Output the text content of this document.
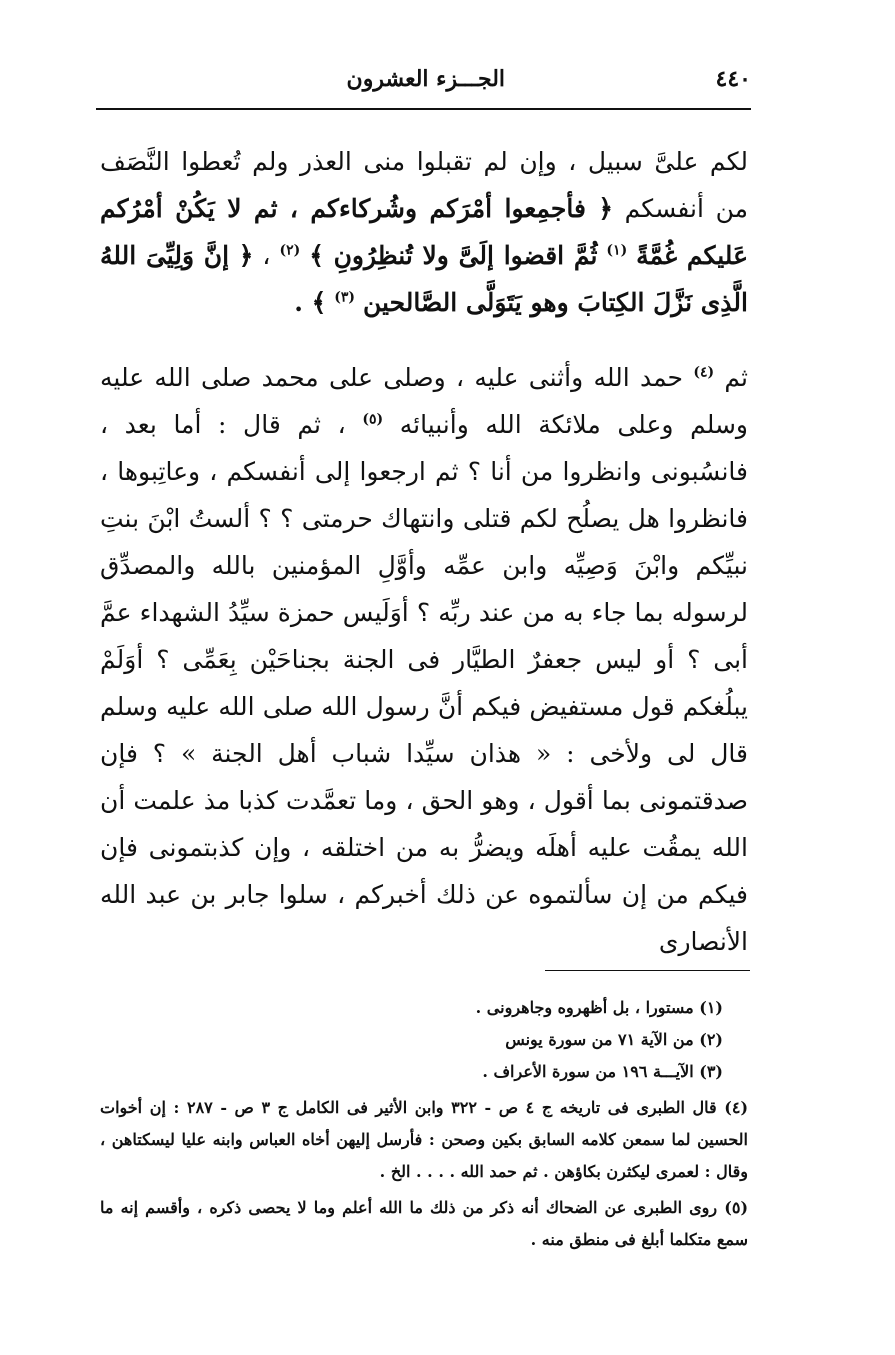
٤٤٠
الجـــزء العشرون

لكم علىَّ سبيل ، وإن لم تقبلوا منى العذر ولم تُعطوا النَّصَف من أنفسكم ﴿ فأجمِعوا أمْرَكم وشُركاءكم ، ثم لا يَكُنْ أمْرُكم عَليكم غُمَّةً $^{(١)}$ ثُمَّ اقضوا إلَىَّ ولا تُنظِرُونِ ﴾ $^{(٢)}$ ، ﴿ إنَّ وَلِيِّىَ اللهُ الَّذِى نَزَّلَ الكِتابَ وهو يَتَوَلَّى الصَّالحين $^{(٣)}$ ﴾ .

ثم $^{(٤)}$ حمد الله وأثنى عليه ، وصلى على محمد صلى الله عليه وسلم وعلى ملائكة الله وأنبيائه $^{(٥)}$ ، ثم قال : أما بعد ، فانسُبونى وانظروا من أنا ؟ ثم ارجعوا إلى أنفسكم ، وعاتِبوها ، فانظروا هل يصلُح لكم قتلى وانتهاك حرمتى ؟ ؟ ألستُ ابْنَ بنتِ نبيِّكم وابْنَ وَصِيِّه وابن عمِّه وأوَّلِ المؤمنين بالله والمصدِّق لرسوله بما جاء به من عند ربِّه ؟ أوَلَيس حمزة سيِّدُ الشهداء عمَّ أبى ؟ أو ليس جعفرٌ الطيَّار فى الجنة بجناحَيْن بِعَمِّى ؟ أوَلَمْ يبلُغكم قول مستفيض فيكم أنَّ رسول الله صلى الله عليه وسلم قال لى ولأخى : « هذان سيِّدا شباب أهل الجنة » ؟ فإن صدقتمونى بما أقول ، وهو الحق ، وما تعمَّدت كذبا مذ علمت أن الله يمقُت عليه أهلَه ويضرُّ به من اختلقه ، وإن كذبتمونى فإن فيكم من إن سألتموه عن ذلك أخبركم ، سلوا جابر بن عبد الله الأنصارى

(١) مستورا ، بل أظهروه وجاهرونى .

(٢) من الآية ٧١ من سورة يونس

(٣) الآيـــة ١٩٦ من سورة الأعراف .

(٤) قال الطبرى فى تاريخه ج ٤ ص - ٣٢٢ وابن الأثير فى الكامل ج ٣ ص - ٢٨٧ : إن أخوات الحسين لما سمعن كلامه السابق بكين وصحن : فأرسل إليهن أخاه العباس وابنه عليا ليسكتاهن ، وقال : لعمرى ليكثرن بكاؤهن . ثم حمد الله . . . . الخ .

(٥) روى الطبرى عن الضحاك أنه ذكر من ذلك ما الله أعلم وما لا يحصى ذكره ، وأقسم إنه ما سمع متكلما أبلغ فى منطق منه .
